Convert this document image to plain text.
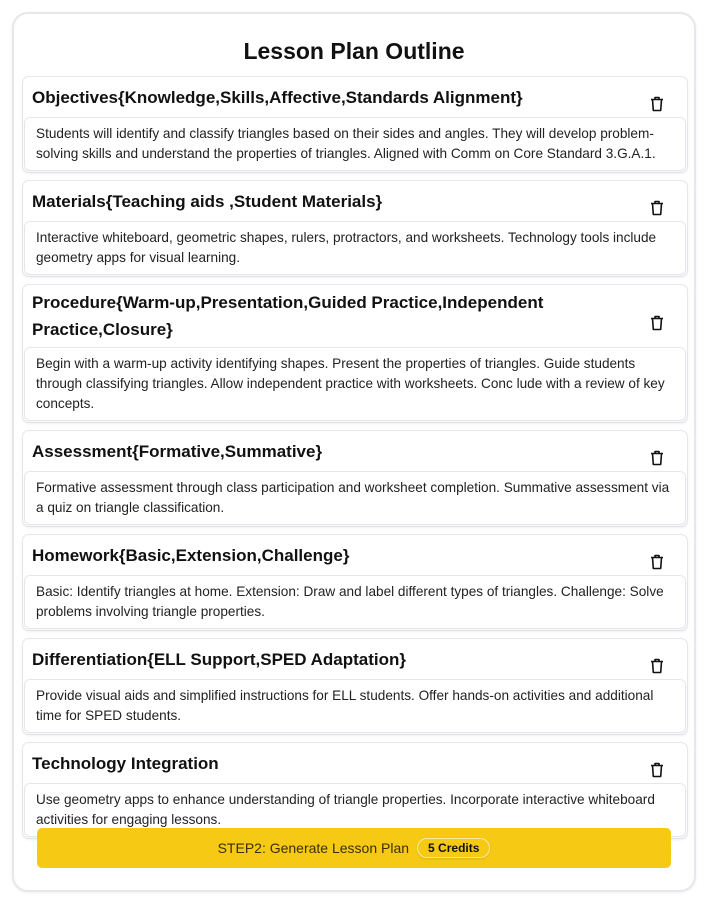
Lesson Plan Outline
Objectives{Knowledge,Skills,Affective,Standards Alignment}
Students will identify and classify triangles based on their sides and angles. They will develop problem-solving skills and understand the properties of triangles. Aligned with Comm on Core Standard 3.G.A.1.
Materials{Teaching aids ,Student Materials}
Interactive whiteboard, geometric shapes, rulers, protractors, and worksheets. Technology tools include geometry apps for visual learning.
Procedure{Warm-up,Presentation,Guided Practice,Independent Practice,Closure}
Begin with a warm-up activity identifying shapes. Present the properties of triangles. Guide students through classifying triangles. Allow independent practice with worksheets. Conc lude with a review of key concepts.
Assessment{Formative,Summative}
Formative assessment through class participation and worksheet completion. Summative assessment via a quiz on triangle classification.
Homework{Basic,Extension,Challenge}
Basic: Identify triangles at home. Extension: Draw and label different types of triangles. Challenge: Solve problems involving triangle properties.
Differentiation{ELL Support,SPED Adaptation}
Provide visual aids and simplified instructions for ELL students. Offer hands-on activities and additional time for SPED students.
Technology Integration
Use geometry apps to enhance understanding of triangle properties. Incorporate interactive whiteboard activities for engaging lessons.
STEP2: Generate Lesson Plan	5 Credits
